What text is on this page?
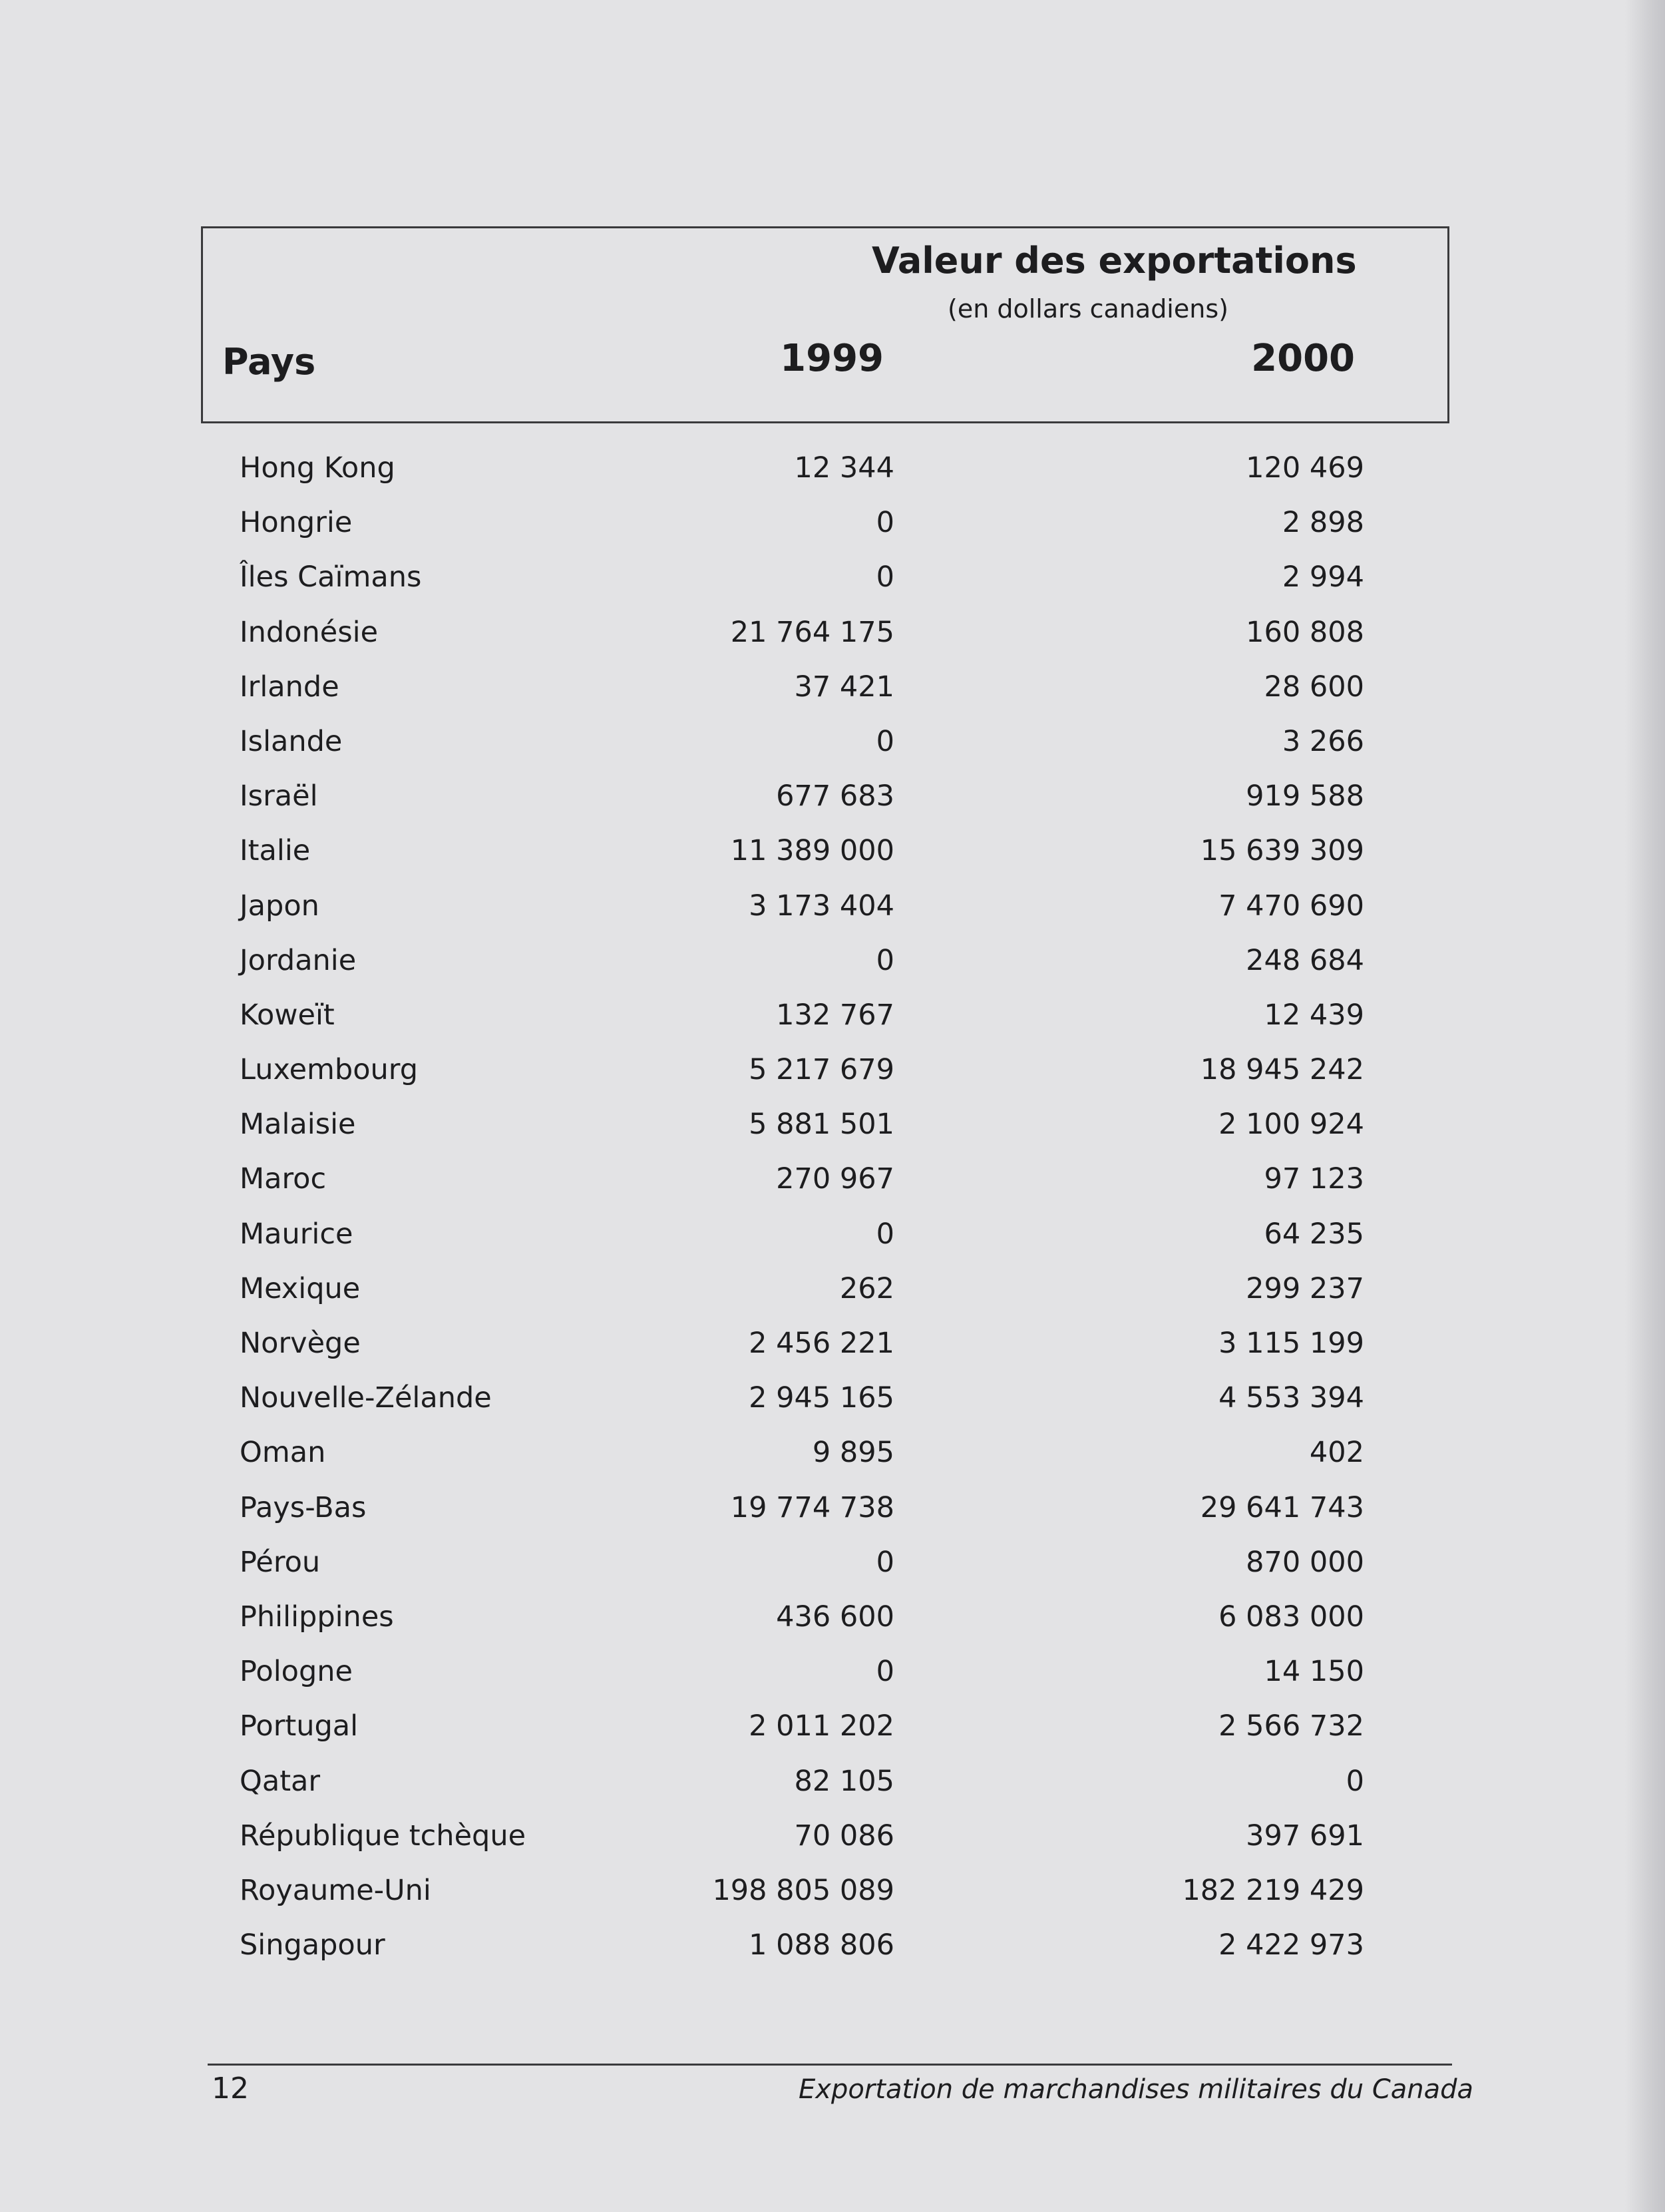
Valeur des exportations
(en dollars canadiens)
Pays	1999	2000
Hong Kong	12 344	120 469
Hongrie	0	2 898
Îles Caïmans	0	2 994
Indonésie	21 764 175	160 808
Irlande	37 421	28 600
Islande	0	3 266
Israël	677 683	919 588
Italie	11 389 000	15 639 309
Japon	3 173 404	7 470 690
Jordanie	0	248 684
Koweït	132 767	12 439
Luxembourg	5 217 679	18 945 242
Malaisie	5 881 501	2 100 924
Maroc	270 967	97 123
Maurice	0	64 235
Mexique	262	299 237
Norvège	2 456 221	3 115 199
Nouvelle-Zélande	2 945 165	4 553 394
Oman	9 895	402
Pays-Bas	19 774 738	29 641 743
Pérou	0	870 000
Philippines	436 600	6 083 000
Pologne	0	14 150
Portugal	2 011 202	2 566 732
Qatar	82 105	0
République tchèque	70 086	397 691
Royaume-Uni	198 805 089	182 219 429
Singapour	1 088 806	2 422 973
12	Exportation de marchandises militaires du Canada
